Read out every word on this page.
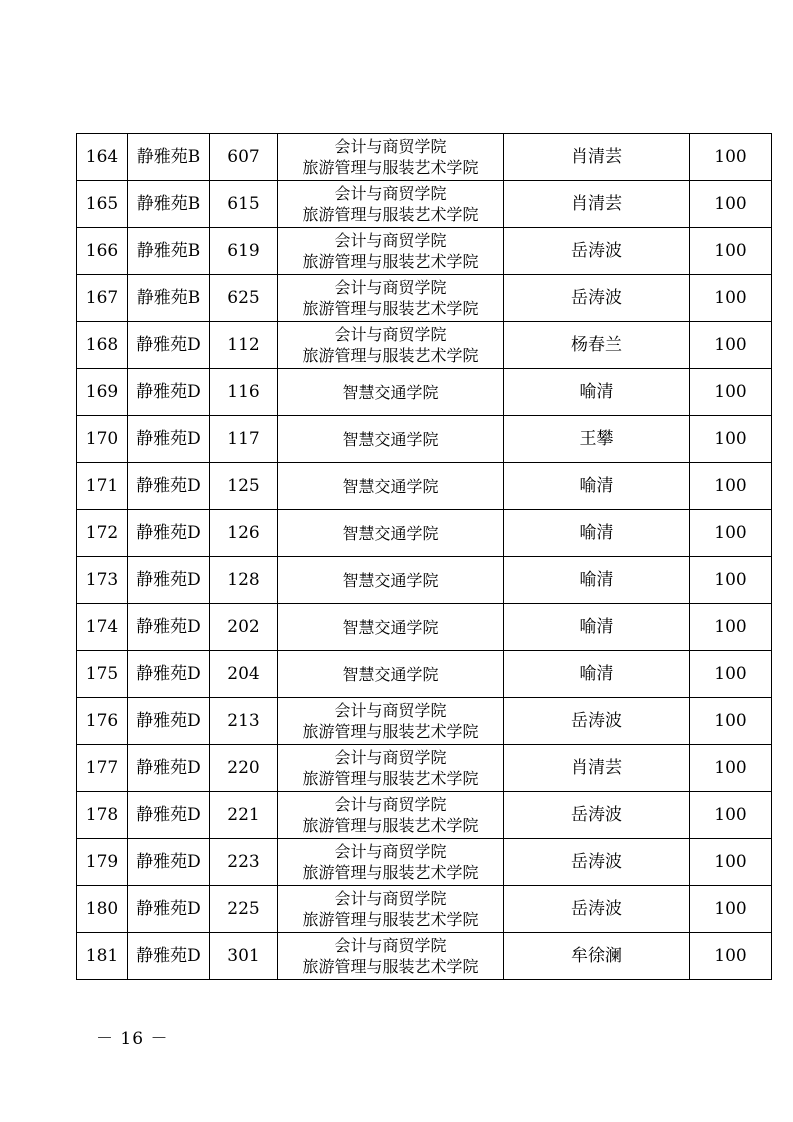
164	静雅苑B	607	会计与商贸学院
旅游管理与服装艺术学院	肖清芸	100
165	静雅苑B	615	会计与商贸学院
旅游管理与服装艺术学院	肖清芸	100
166	静雅苑B	619	会计与商贸学院
旅游管理与服装艺术学院	岳涛波	100
167	静雅苑B	625	会计与商贸学院
旅游管理与服装艺术学院	岳涛波	100
168	静雅苑D	112	会计与商贸学院
旅游管理与服装艺术学院	杨春兰	100
169	静雅苑D	116	智慧交通学院	喻清	100
170	静雅苑D	117	智慧交通学院	王攀	100
171	静雅苑D	125	智慧交通学院	喻清	100
172	静雅苑D	126	智慧交通学院	喻清	100
173	静雅苑D	128	智慧交通学院	喻清	100
174	静雅苑D	202	智慧交通学院	喻清	100
175	静雅苑D	204	智慧交通学院	喻清	100
176	静雅苑D	213	会计与商贸学院
旅游管理与服装艺术学院	岳涛波	100
177	静雅苑D	220	会计与商贸学院
旅游管理与服装艺术学院	肖清芸	100
178	静雅苑D	221	会计与商贸学院
旅游管理与服装艺术学院	岳涛波	100
179	静雅苑D	223	会计与商贸学院
旅游管理与服装艺术学院	岳涛波	100
180	静雅苑D	225	会计与商贸学院
旅游管理与服装艺术学院	岳涛波	100
181	静雅苑D	301	会计与商贸学院
旅游管理与服装艺术学院	牟徐澜	100
－ 16 －
